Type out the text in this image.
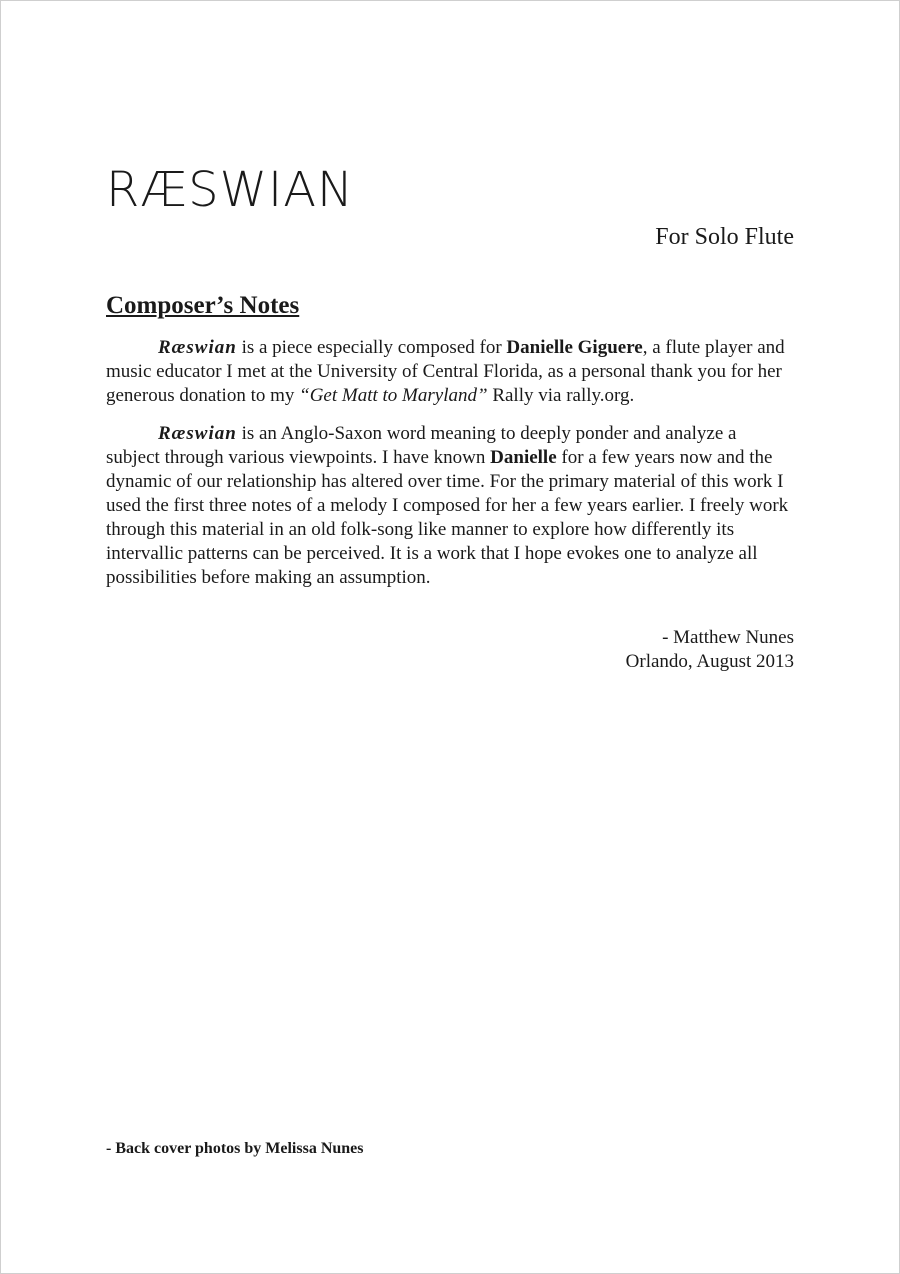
RÆSWIAN
For Solo Flute
Composer’s Notes

Ræswian is a piece especially composed for Danielle Giguere, a flute player and music educator I met at the University of Central Florida, as a personal thank you for her generous donation to my “Get Matt to Maryland” Rally via rally.org.

Ræswian is an Anglo-Saxon word meaning to deeply ponder and analyze a subject through various viewpoints. I have known Danielle for a few years now and the dynamic of our relationship has altered over time. For the primary material of this work I used the first three notes of a melody I composed for her a few years earlier. I freely work through this material in an old folk-song like manner to explore how differently its intervallic patterns can be perceived. It is a work that I hope evokes one to analyze all possibilities before making an assumption.

- Matthew Nunes
Orlando, August 2013
- Back cover photos by Melissa Nunes
